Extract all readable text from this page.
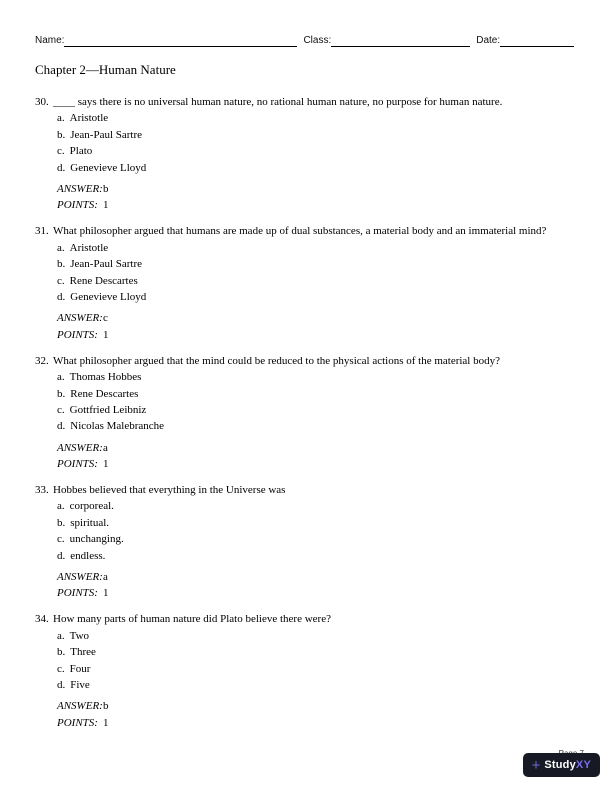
Name:	Class:	Date:
Chapter 2—Human Nature
30. ____ says there is no universal human nature, no rational human nature, no purpose for human nature.
a. Aristotle
b. Jean-Paul Sartre
c. Plato
d. Genevieve Lloyd
ANSWER:b
POINTS: 1
31. What philosopher argued that humans are made up of dual substances, a material body and an immaterial mind?
a. Aristotle
b. Jean-Paul Sartre
c. Rene Descartes
d. Genevieve Lloyd
ANSWER:c
POINTS: 1
32. What philosopher argued that the mind could be reduced to the physical actions of the material body?
a. Thomas Hobbes
b. Rene Descartes
c. Gottfried Leibniz
d. Nicolas Malebranche
ANSWER:a
POINTS: 1
33. Hobbes believed that everything in the Universe was
a. corporeal.
b. spiritual.
c. unchanging.
d. endless.
ANSWER:a
POINTS: 1
34. How many parts of human nature did Plato believe there were?
a. Two
b. Three
c. Four
d. Five
ANSWER:b
POINTS: 1
+ StudyXY
